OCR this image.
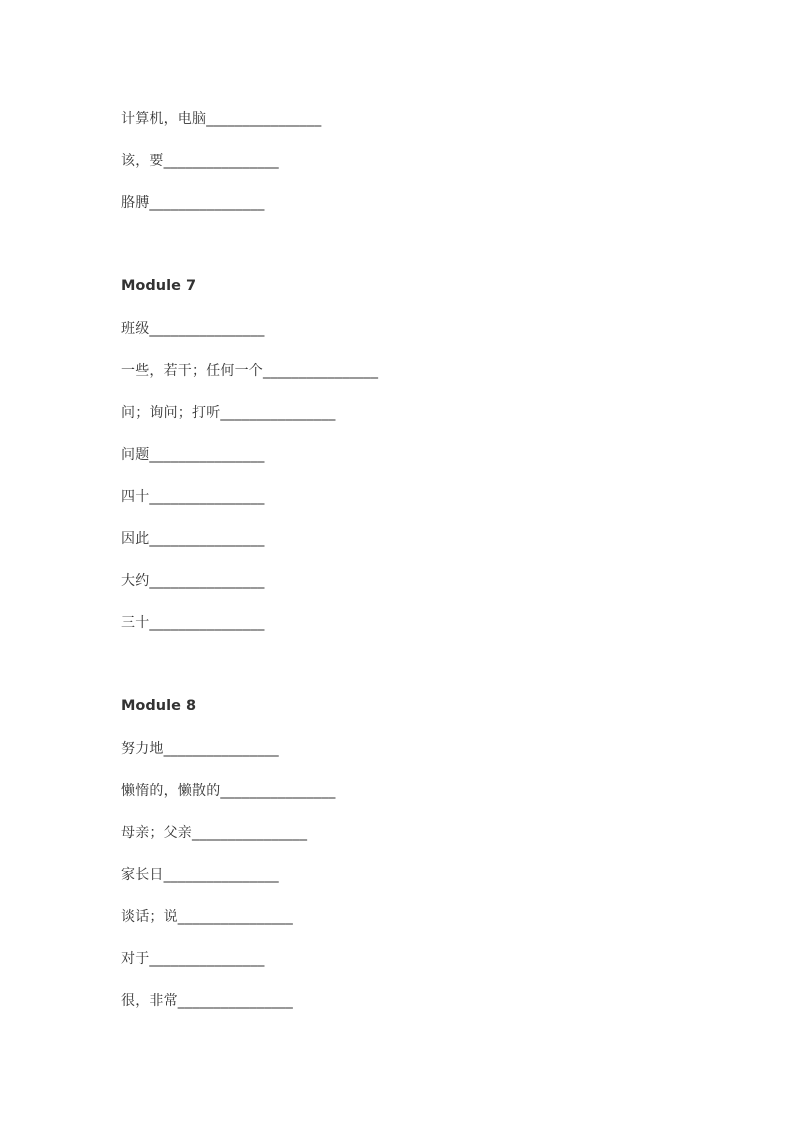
计算机，电脑________________
该，要________________
胳膊________________
Module 7
班级________________
一些，若干；任何一个________________
问；询问；打听________________
问题________________
四十________________
因此________________
大约________________
三十________________
Module 8
努力地________________
懒惰的，懒散的________________
母亲；父亲________________
家长日________________
谈话；说________________
对于________________
很，非常________________
